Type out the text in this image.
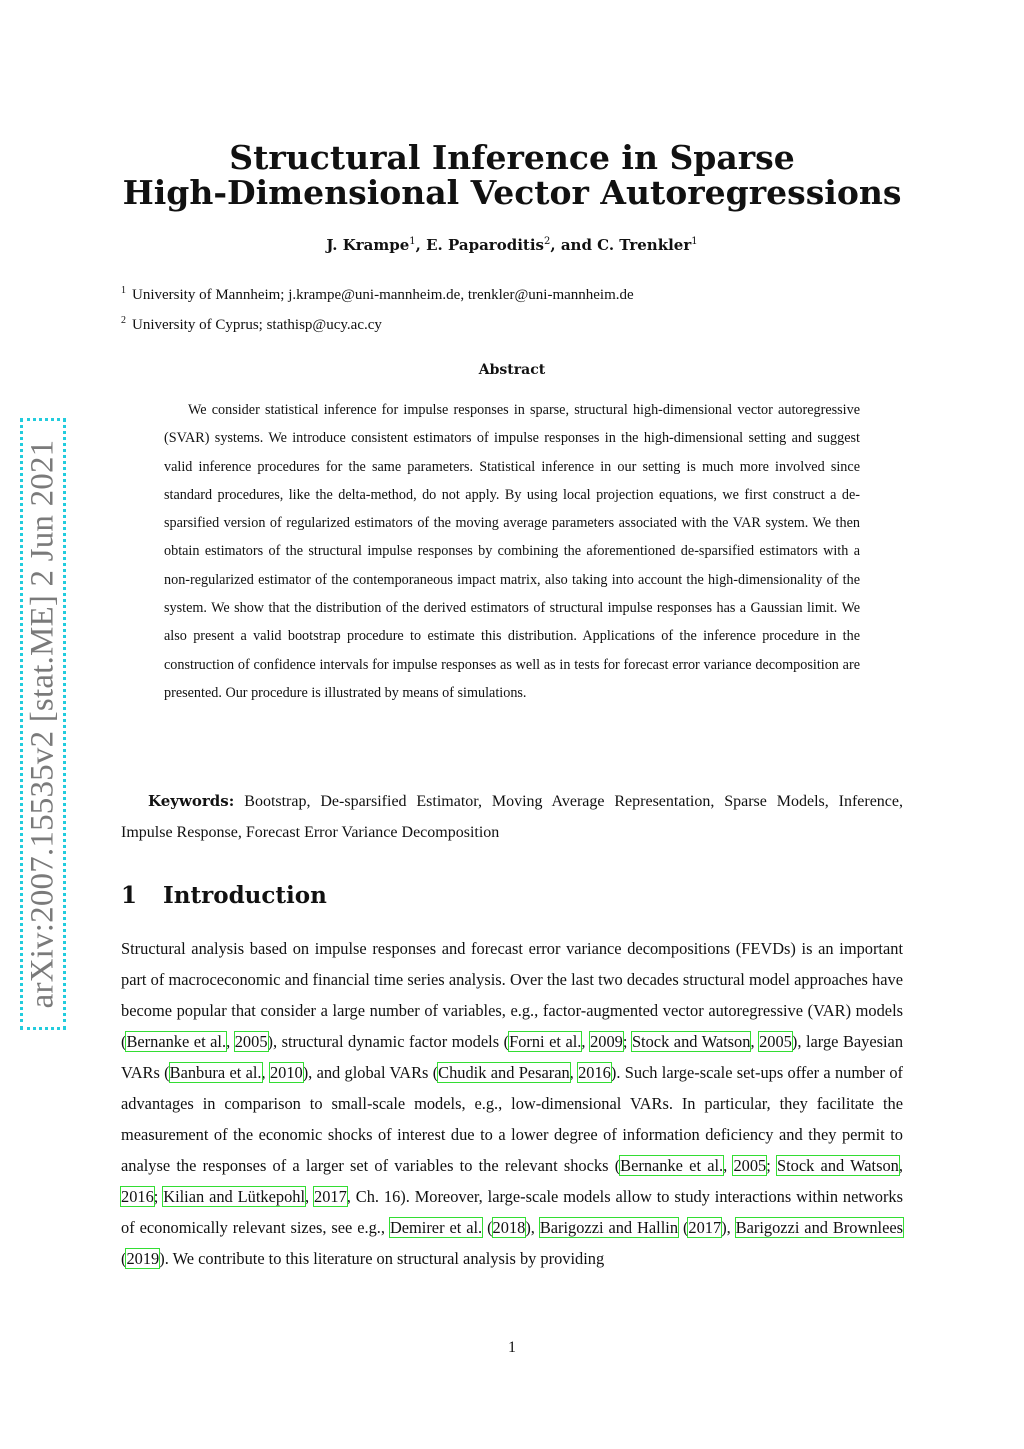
arXiv:2007.15535v2 [stat.ME] 2 Jun 2021
Structural Inference in Sparse
High-Dimensional Vector Autoregressions
J. Krampe$^1$, E. Paparoditis$^2$, and C. Trenkler$^1$
$^1$ University of Mannheim; j.krampe@uni-mannheim.de, trenkler@uni-mannheim.de
$^2$ University of Cyprus; stathisp@ucy.ac.cy
Abstract
We consider statistical inference for impulse responses in sparse, structural high-dimensional vector autoregressive (SVAR) systems. We introduce consistent estimators of impulse responses in the high-dimensional setting and suggest valid inference procedures for the same parameters. Statistical inference in our setting is much more involved since standard procedures, like the delta-method, do not apply. By using local projection equations, we first construct a de-sparsified version of regularized estimators of the moving average parameters associated with the VAR system. We then obtain estimators of the structural impulse responses by combining the aforementioned de-sparsified estimators with a non-regularized estimator of the contemporaneous impact matrix, also taking into account the high-dimensionality of the system. We show that the distribution of the derived estimators of structural impulse responses has a Gaussian limit. We also present a valid bootstrap procedure to estimate this distribution. Applications of the inference procedure in the construction of confidence intervals for impulse responses as well as in tests for forecast error variance decomposition are presented. Our procedure is illustrated by means of simulations.
Keywords: Bootstrap, De-sparsified Estimator, Moving Average Representation, Sparse Models, Inference, Impulse Response, Forecast Error Variance Decomposition
1 Introduction
Structural analysis based on impulse responses and forecast error variance decompositions (FEVDs) is an important part of macroceconomic and financial time series analysis. Over the last two decades structural model approaches have become popular that consider a large number of variables, e.g., factor-augmented vector autoregressive (VAR) models (Bernanke et al., 2005), structural dynamic factor models (Forni et al., 2009; Stock and Watson, 2005), large Bayesian VARs (Banbura et al., 2010), and global VARs (Chudik and Pesaran, 2016). Such large-scale set-ups offer a number of advantages in comparison to small-scale models, e.g., low-dimensional VARs. In particular, they facilitate the measurement of the economic shocks of interest due to a lower degree of information deficiency and they permit to analyse the responses of a larger set of variables to the relevant shocks (Bernanke et al., 2005; Stock and Watson, 2016; Kilian and Lütkepohl, 2017, Ch. 16). Moreover, large-scale models allow to study interactions within networks of economically relevant sizes, see e.g., Demirer et al. (2018), Barigozzi and Hallin (2017), Barigozzi and Brownlees (2019). We contribute to this literature on structural analysis by providing
1
